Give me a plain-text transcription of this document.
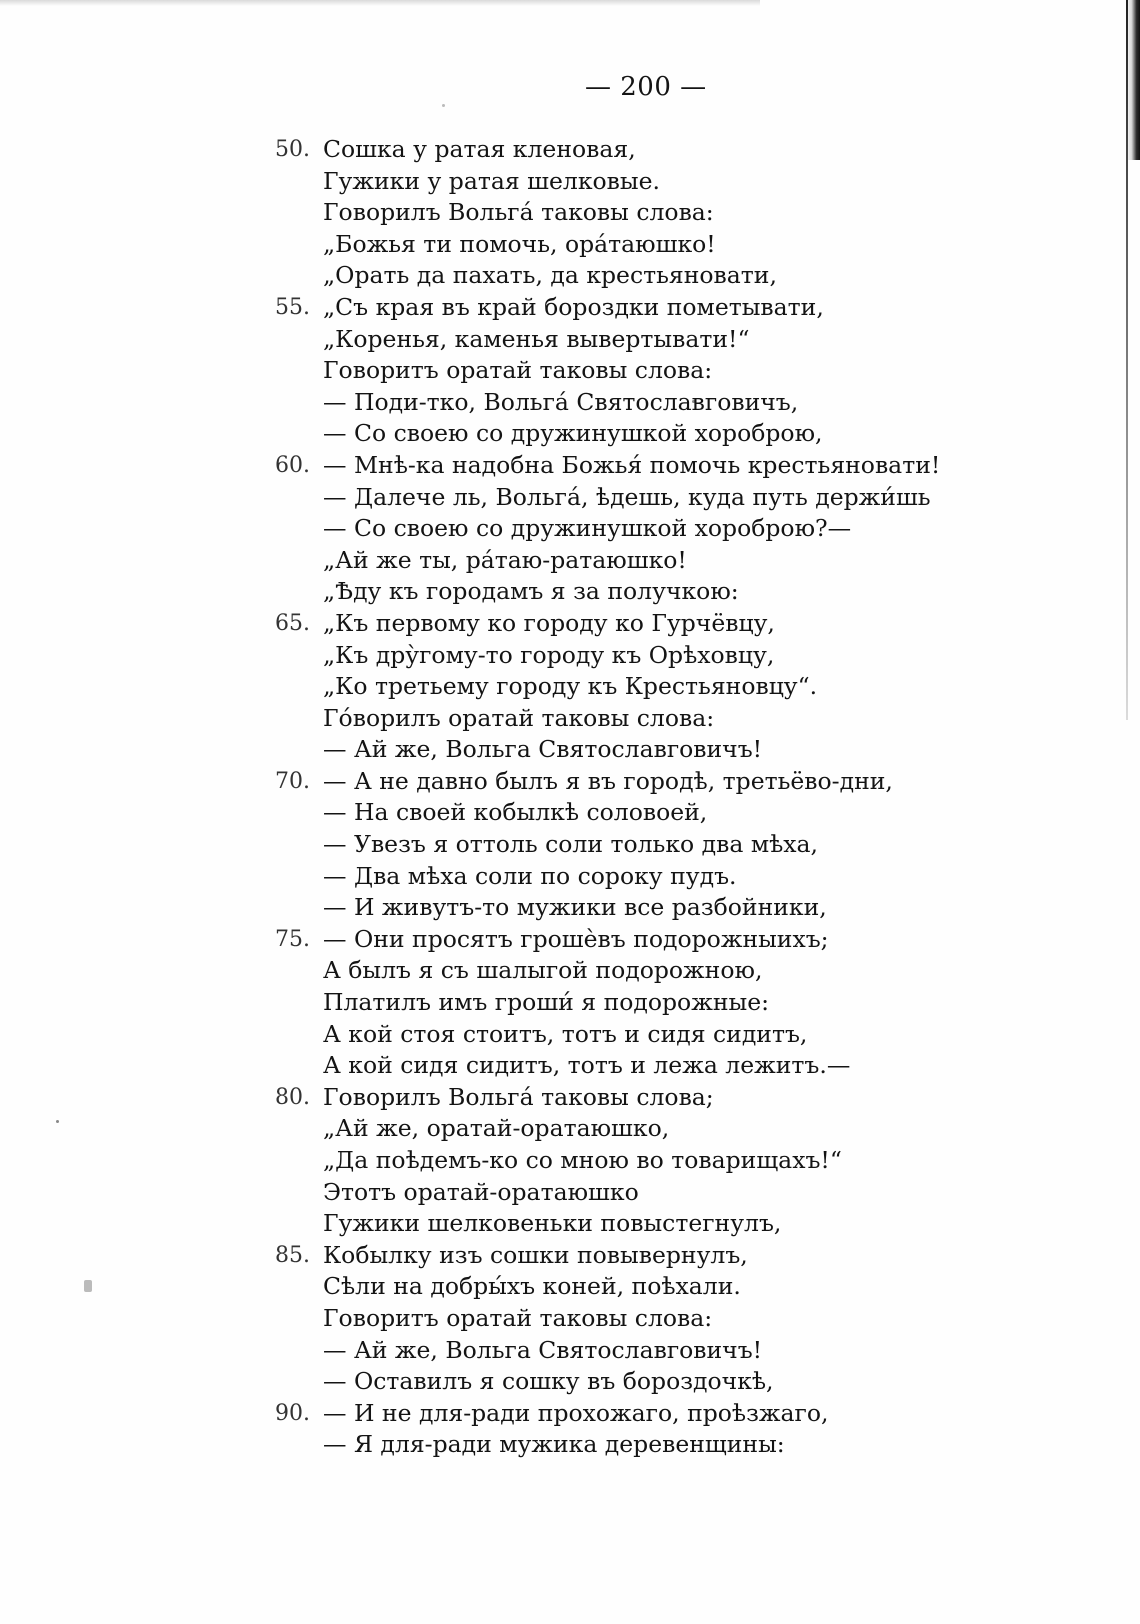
— 200 —
50. Сошка у ратая кленовая,
Гужики у ратая шелковые.
Говорилъ Вольга́ таковы слова:
„Божья ти помочь, ора́таюшко!
„Орать да пахать, да крестьяновати,
55. „Съ края въ край бороздки пометывати,
„Коренья, каменья вывертывати!“
Говоритъ оратай таковы слова:
— Поди-тко, Вольга́ Святославговичъ,
— Со своею со дружинушкой хороброю,
60. — Мнѣ-ка надобна Божья́ помочь крестьяновати!
— Далече ль, Вольга́, ѣдешь, куда путь держи́шь
— Со своею со дружинушкой хороброю?—
„Ай же ты, ра́таю-ратаюшко!
„Ѣду къ городамъ я за получкою:
65. „Къ первому ко городу ко Гурчёвцу,
„Къ дру̀гому-то городу къ Орѣховцу,
„Ко третьему городу къ Крестьяновцу“.
Го́ворилъ оратай таковы слова:
— Ай же, Вольга Святославговичъ!
70. — А не давно былъ я въ городѣ, третьёво-дни,
— На своей кобылкѣ соловоей,
— Увезъ я оттоль соли только два мѣха,
— Два мѣха соли по сороку пудъ.
— И живутъ-то мужики все разбойники,
75. — Они просятъ грошѐвъ подорожныихъ;
А былъ я съ шалыгой подорожною,
Платилъ имъ гроши́ я подорожные:
А кой стоя стоитъ, тотъ и сидя сидитъ,
А кой сидя сидитъ, тотъ и лежа лежитъ.—
80. Говорилъ Вольга́ таковы слова;
„Ай же, оратай-оратаюшко,
„Да поѣдемъ-ко со мною во товарищахъ!“
Этотъ оратай-оратаюшко
Гужики шелковеньки повыстегнулъ,
85. Кобылку изъ сошки повывернулъ,
Сѣли на добры́хъ коней, поѣхали.
Говоритъ оратай таковы слова:
— Ай же, Вольга Святославговичъ!
— Оставилъ я сошку въ бороздочкѣ,
90. — И не для-ради прохожаго, проѣзжаго,
— Я для-ради мужика деревенщины:
